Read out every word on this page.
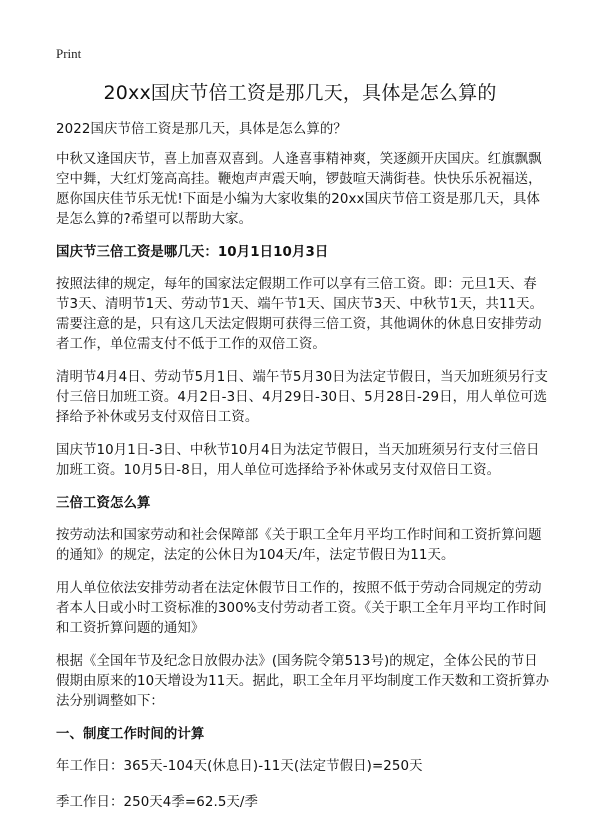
Print
20xx国庆节倍工资是那几天，具体是怎么算的

2022国庆节倍工资是那几天，具体是怎么算的？

中秋又逢国庆节，喜上加喜双喜到。人逢喜事精神爽，笑逐颜开庆国庆。红旗飘飘空中舞，大红灯笼高高挂。鞭炮声声震天响，锣鼓喧天满街巷。快快乐乐祝福送，愿你国庆佳节乐无忧!下面是小编为大家收集的20xx国庆节倍工资是那几天，具体是怎么算的?希望可以帮助大家。

国庆节三倍工资是哪几天：10月1日10月3日

按照法律的规定，每年的国家法定假期工作可以享有三倍工资。即：元旦1天、春节3天、清明节1天、劳动节1天、端午节1天、国庆节3天、中秋节1天，共11天。需要注意的是，只有这几天法定假期可获得三倍工资，其他调休的休息日安排劳动者工作，单位需支付不低于工作的双倍工资。

清明节4月4日、劳动节5月1日、端午节5月30日为法定节假日，当天加班须另行支付三倍日加班工资。4月2日-3日、4月29日-30日、5月28日-29日，用人单位可选择给予补休或另支付双倍日工资。

国庆节10月1日-3日、中秋节10月4日为法定节假日，当天加班须另行支付三倍日加班工资。10月5日-8日，用人单位可选择给予补休或另支付双倍日工资。

三倍工资怎么算

按劳动法和国家劳动和社会保障部《关于职工全年月平均工作时间和工资折算问题的通知》的规定，法定的公休日为104天/年，法定节假日为11天。

用人单位依法安排劳动者在法定休假节日工作的，按照不低于劳动合同规定的劳动者本人日或小时工资标准的300%支付劳动者工资。《关于职工全年月平均工作时间和工资折算问题的通知》

根据《全国年节及纪念日放假办法》(国务院令第513号)的规定，全体公民的节日假期由原来的10天增设为11天。据此，职工全年月平均制度工作天数和工资折算办法分别调整如下：

一、制度工作时间的计算

年工作日：365天-104天(休息日)-11天(法定节假日)=250天

季工作日：250天4季=62.5天/季
